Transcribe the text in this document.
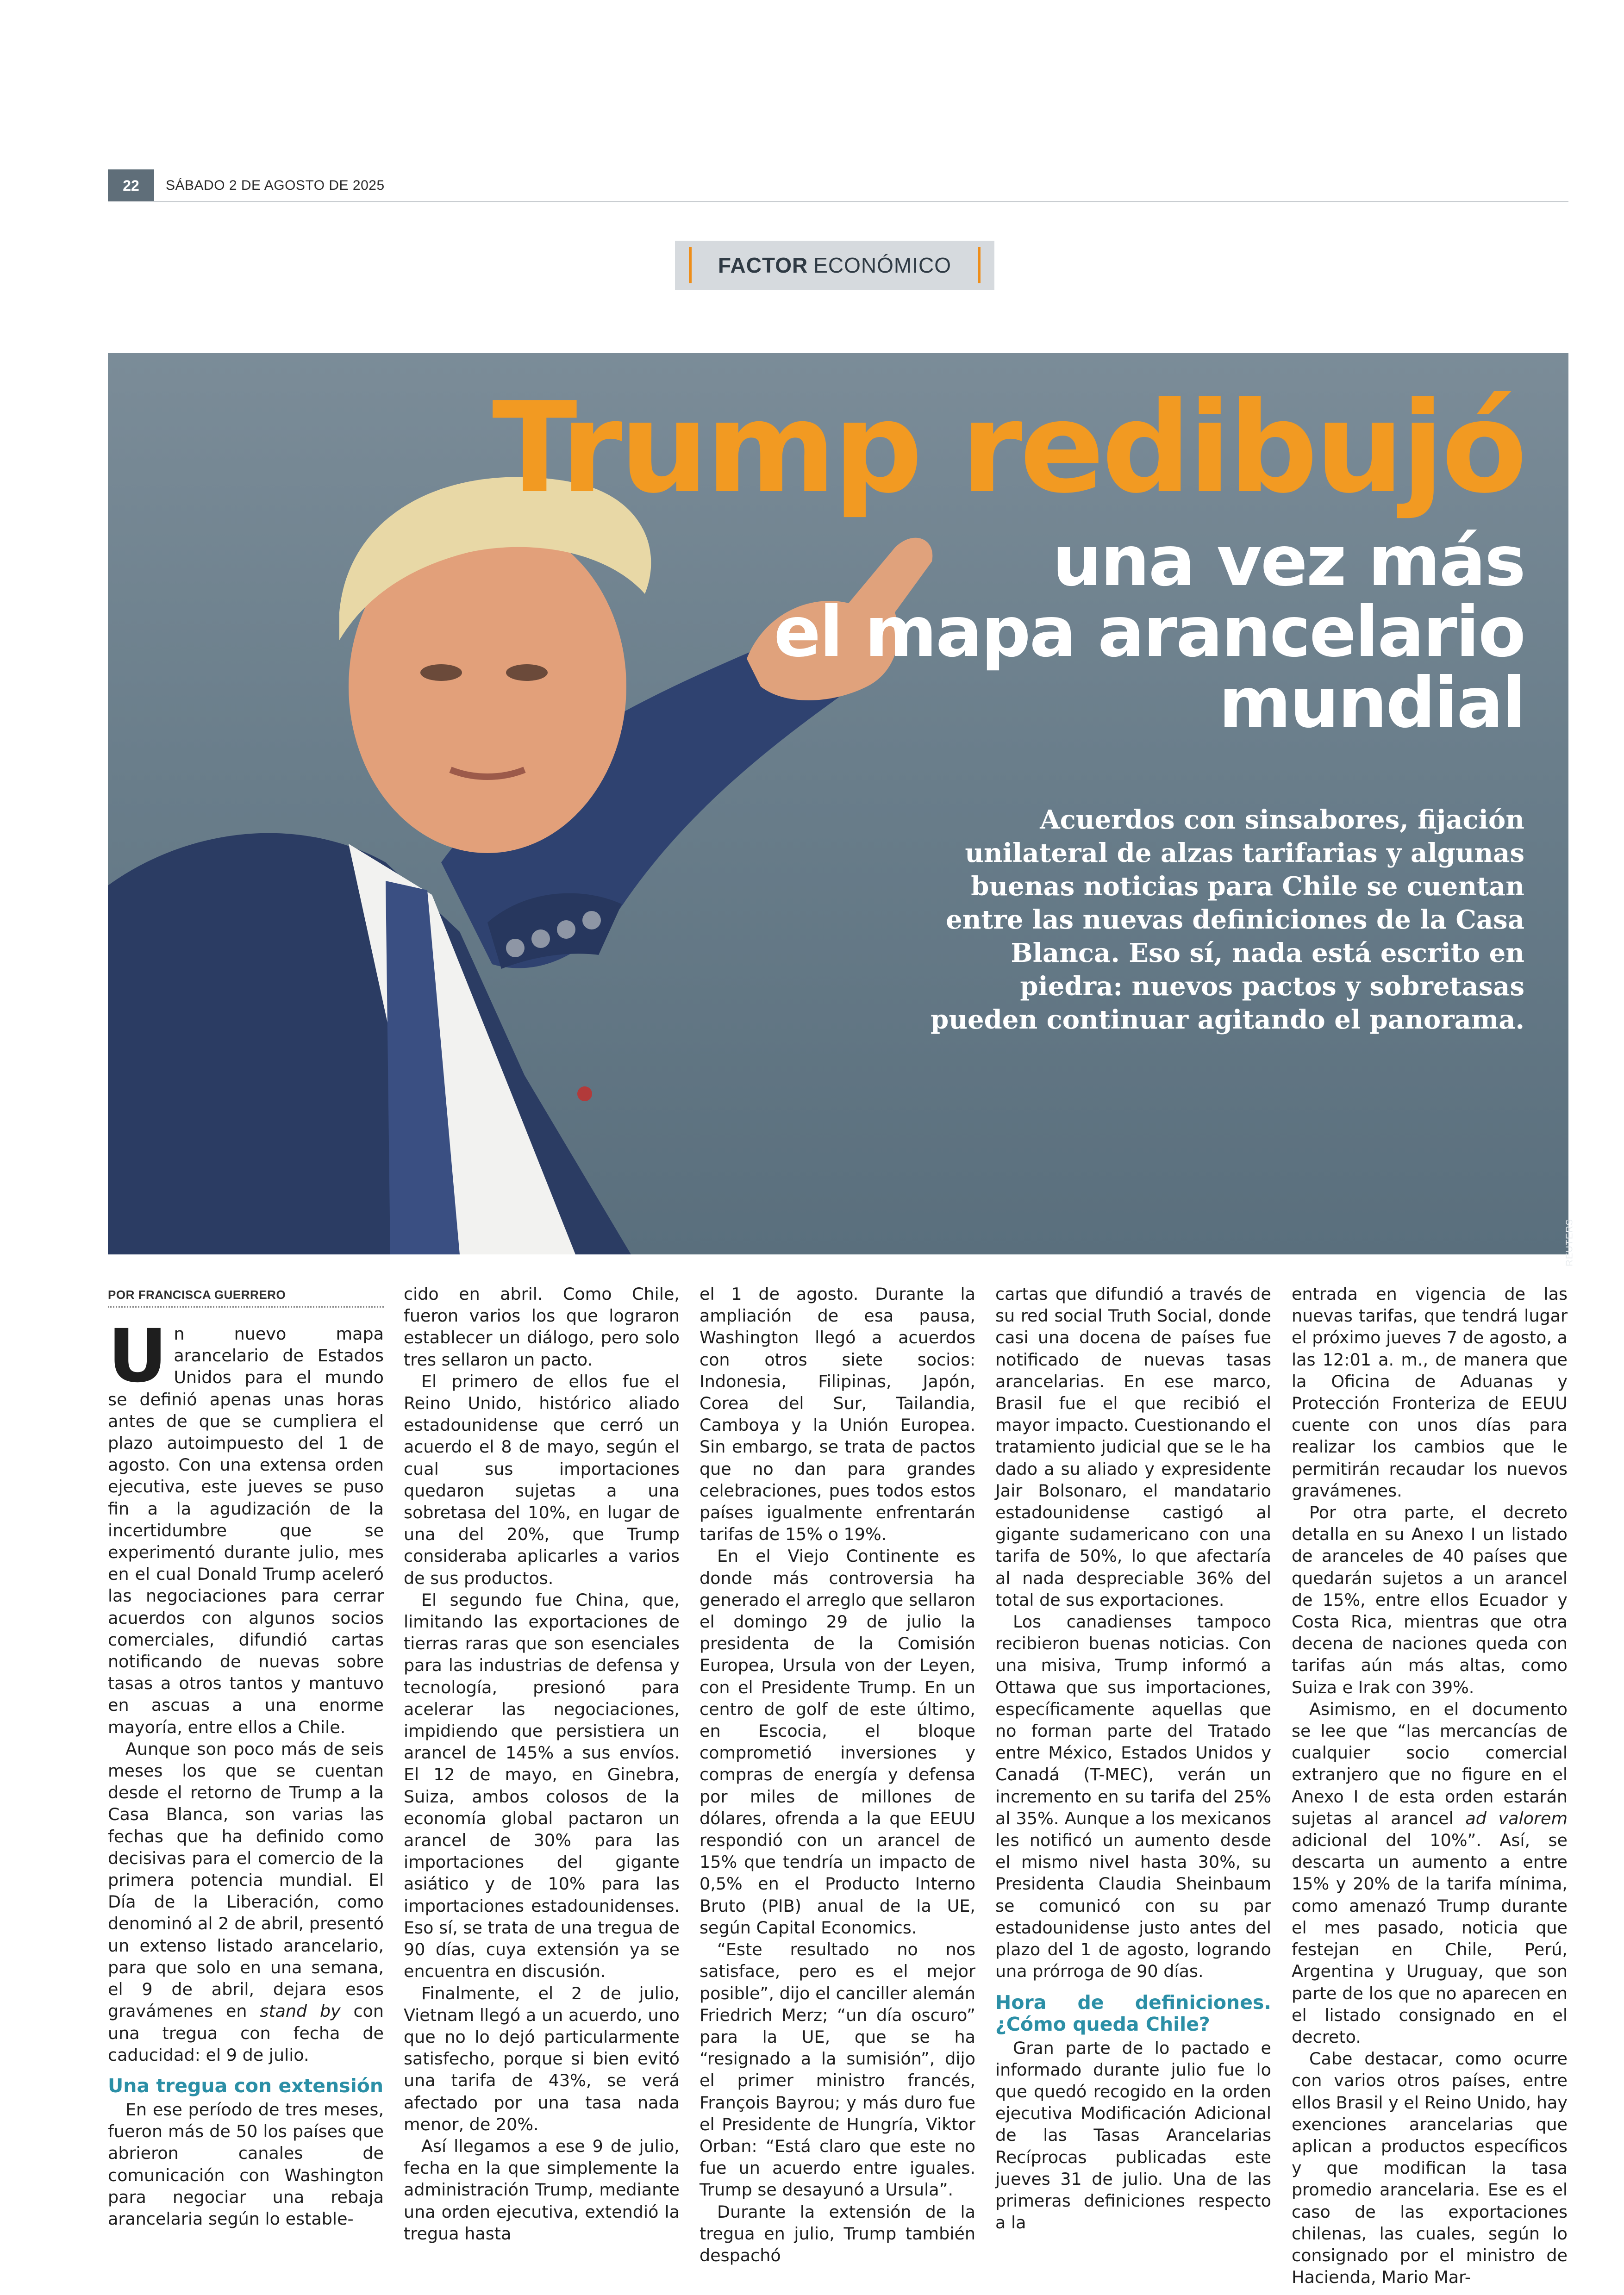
22	SÁBADO 2 DE AGOSTO DE 2025
FACTOR ECONÓMICO
Trump redibujó
una vez más
el mapa arancelario
mundial
Acuerdos con sinsabores, fijación unilateral de alzas tarifarias y algunas buenas noticias para Chile se cuentan entre las nuevas definiciones de la Casa Blanca. Eso sí, nada está escrito en piedra: nuevos pactos y sobretasas pueden continuar agitando el panorama.
REUTERS
POR FRANCISCA GUERRERO

Un nuevo mapa arancelario de Estados Unidos para el mundo se definió apenas unas horas antes de que se cumpliera el plazo autoimpuesto del 1 de agosto. Con una extensa orden ejecutiva, este jueves se puso fin a la agudización de la incertidumbre que se experimentó durante julio, mes en el cual Donald Trump aceleró las negociaciones para cerrar acuerdos con algunos socios comerciales, difundió cartas notificando de nuevas sobre tasas a otros tantos y mantuvo en ascuas a una enorme mayoría, entre ellos a Chile.

Aunque son poco más de seis meses los que se cuentan desde el retorno de Trump a la Casa Blanca, son varias las fechas que ha definido como decisivas para el comercio de la primera potencia mundial. El Día de la Liberación, como denominó al 2 de abril, presentó un extenso listado arancelario, para que solo en una semana, el 9 de abril, dejara esos gravámenes en stand by con una tregua con fecha de caducidad: el 9 de julio.

Una tregua con extensión

En ese período de tres meses, fueron más de 50 los países que abrieron canales de comunicación con Washington para negociar una rebaja arancelaria según lo estable-

cido en abril. Como Chile, fueron varios los que lograron establecer un diálogo, pero solo tres sellaron un pacto.

El primero de ellos fue el Reino Unido, histórico aliado estadounidense que cerró un acuerdo el 8 de mayo, según el cual sus importaciones quedaron sujetas a una sobretasa del 10%, en lugar de una del 20%, que Trump consideraba aplicarles a varios de sus productos.

El segundo fue China, que, limitando las exportaciones de tierras raras que son esenciales para las industrias de defensa y tecnología, presionó para acelerar las negociaciones, impidiendo que persistiera un arancel de 145% a sus envíos. El 12 de mayo, en Ginebra, Suiza, ambos colosos de la economía global pactaron un arancel de 30% para las importaciones del gigante asiático y de 10% para las importaciones estadounidenses. Eso sí, se trata de una tregua de 90 días, cuya extensión ya se encuentra en discusión.

Finalmente, el 2 de julio, Vietnam llegó a un acuerdo, uno que no lo dejó particularmente satisfecho, porque si bien evitó una tarifa de 43%, se verá afectado por una tasa nada menor, de 20%.

Así llegamos a ese 9 de julio, fecha en la que simplemente la administración Trump, mediante una orden ejecutiva, extendió la tregua hasta

el 1 de agosto. Durante la ampliación de esa pausa, Washington llegó a acuerdos con otros siete socios: Indonesia, Filipinas, Japón, Corea del Sur, Tailandia, Camboya y la Unión Europea. Sin embargo, se trata de pactos que no dan para grandes celebraciones, pues todos estos países igualmente enfrentarán tarifas de 15% o 19%.

En el Viejo Continente es donde más controversia ha generado el arreglo que sellaron el domingo 29 de julio la presidenta de la Comisión Europea, Ursula von der Leyen, con el Presidente Trump. En un centro de golf de este último, en Escocia, el bloque comprometió inversiones y compras de energía y defensa por miles de millones de dólares, ofrenda a la que EEUU respondió con un arancel de 15% que tendría un impacto de 0,5% en el Producto Interno Bruto (PIB) anual de la UE, según Capital Economics.

“Este resultado no nos satisface, pero es el mejor posible”, dijo el canciller alemán Friedrich Merz; “un día oscuro” para la UE, que se ha “resignado a la sumisión”, dijo el primer ministro francés, François Bayrou; y más duro fue el Presidente de Hungría, Viktor Orban: “Está claro que este no fue un acuerdo entre iguales. Trump se desayunó a Ursula”.

Durante la extensión de la tregua en julio, Trump también despachó

cartas que difundió a través de su red social Truth Social, donde casi una docena de países fue notificado de nuevas tasas arancelarias. En ese marco, Brasil fue el que recibió el mayor impacto. Cuestionando el tratamiento judicial que se le ha dado a su aliado y expresidente Jair Bolsonaro, el mandatario estadounidense castigó al gigante sudamericano con una tarifa de 50%, lo que afectaría al nada despreciable 36% del total de sus exportaciones.

Los canadienses tampoco recibieron buenas noticias. Con una misiva, Trump informó a Ottawa que sus importaciones, específicamente aquellas que no forman parte del Tratado entre México, Estados Unidos y Canadá (T-MEC), verán un incremento en su tarifa del 25% al 35%. Aunque a los mexicanos les notificó un aumento desde el mismo nivel hasta 30%, su Presidenta Claudia Sheinbaum se comunicó con su par estadounidense justo antes del plazo del 1 de agosto, logrando una prórroga de 90 días.

Hora de definiciones. ¿Cómo queda Chile?

Gran parte de lo pactado e informado durante julio fue lo que quedó recogido en la orden ejecutiva Modificación Adicional de las Tasas Arancelarias Recíprocas publicadas este jueves 31 de julio. Una de las primeras definiciones respecto a la

entrada en vigencia de las nuevas tarifas, que tendrá lugar el próximo jueves 7 de agosto, a las 12:01 a. m., de manera que la Oficina de Aduanas y Protección Fronteriza de EEUU cuente con unos días para realizar los cambios que le permitirán recaudar los nuevos gravámenes.

Por otra parte, el decreto detalla en su Anexo I un listado de aranceles de 40 países que quedarán sujetos a un arancel de 15%, entre ellos Ecuador y Costa Rica, mientras que otra decena de naciones queda con tarifas aún más altas, como Suiza e Irak con 39%.

Asimismo, en el documento se lee que “las mercancías de cualquier socio comercial extranjero que no figure en el Anexo I de esta orden estarán sujetas al arancel ad valorem adicional del 10%”. Así, se descarta un aumento a entre 15% y 20% de la tarifa mínima, como amenazó Trump durante el mes pasado, noticia que festejan en Chile, Perú, Argentina y Uruguay, que son parte de los que no aparecen en el listado consignado en el decreto.

Cabe destacar, como ocurre con varios otros países, entre ellos Brasil y el Reino Unido, hay exenciones arancelarias que aplican a productos específicos y que modifican la tasa promedio arancelaria. Ese es el caso de las exportaciones chilenas, las cuales, según lo consignado por el ministro de Hacienda, Mario Mar-
